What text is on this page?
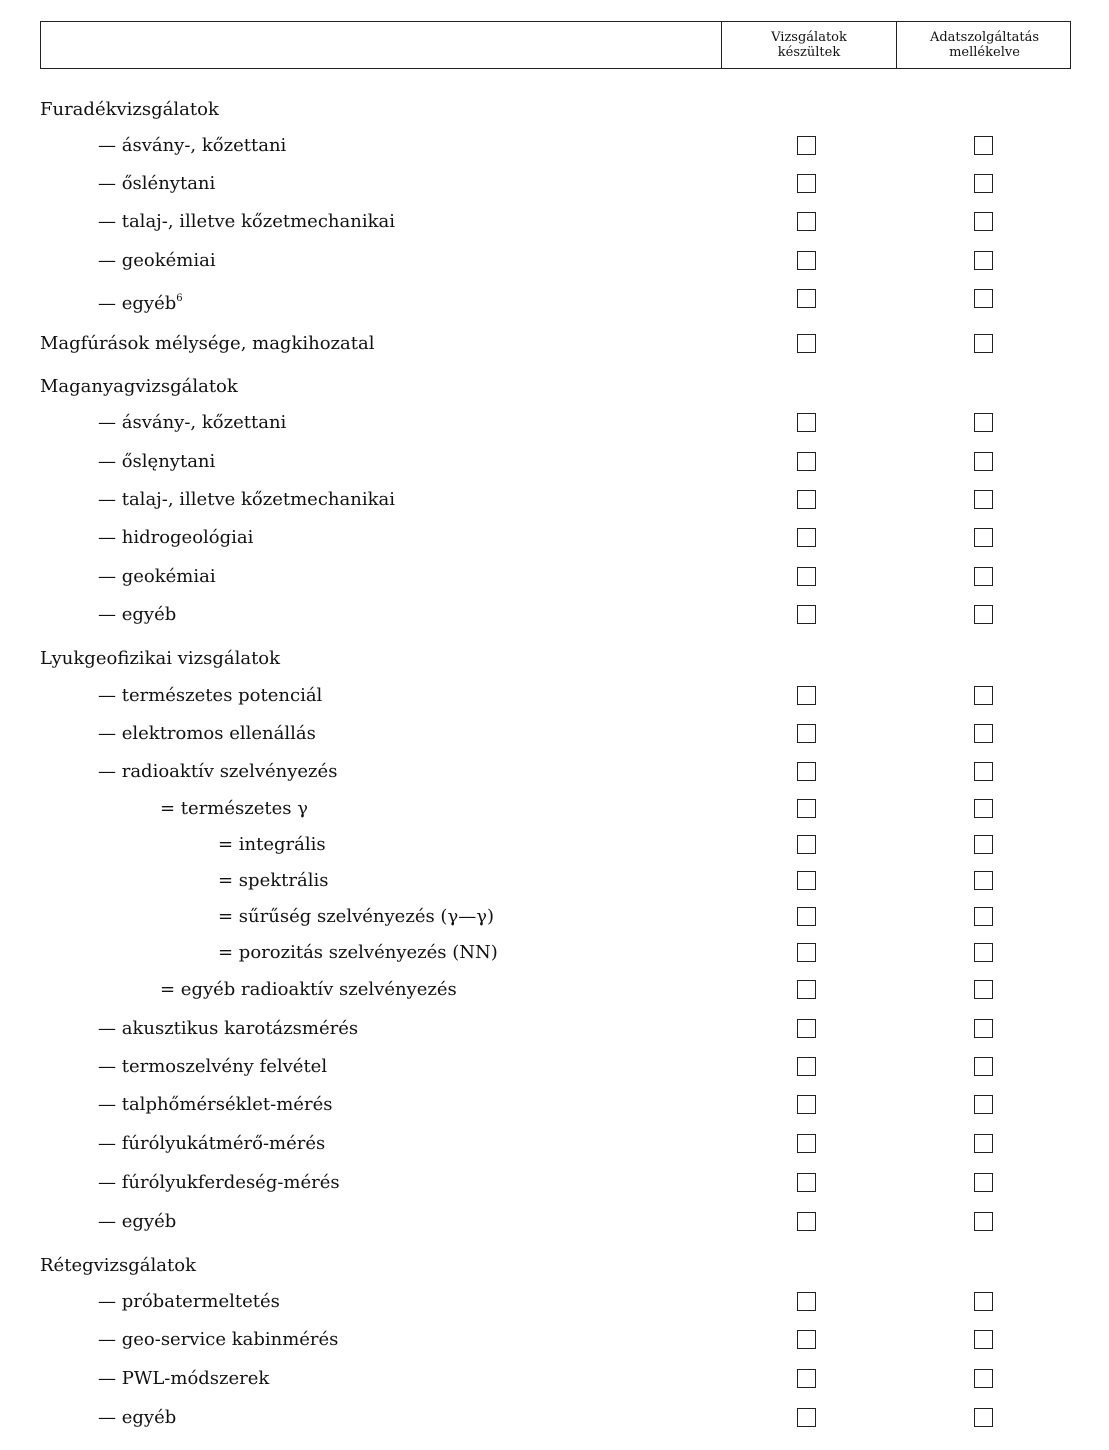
Vizsgálatok
készültek
Adatszolgáltatás
mellékelve
Furadékvizsgálatok
— ásvány-, kőzettani
— őslénytani
— talaj-, illetve kőzetmechanikai
— geokémiai
— egyéb$^6$
Magfúrások mélysége, magkihozatal
Maganyagvizsgálatok
— ásvány-, kőzettani
— őslęnytani
— talaj-, illetve kőzetmechanikai
— hidrogeológiai
— geokémiai
— egyéb
Lyukgeofizikai vizsgálatok
— természetes potenciál
— elektromos ellenállás
— radioaktív szelvényezés
= természetes γ
= integrális
= spektrális
= sűrűség szelvényezés (γ—γ)
= porozitás szelvényezés (NN)
= egyéb radioaktív szelvényezés
— akusztikus karotázsmérés
— termoszelvény felvétel
— talphőmérséklet-mérés
— fúrólyukátmérő-mérés
— fúrólyukferdeség-mérés
— egyéb
Rétegvizsgálatok
— próbatermeltetés
— geo-service kabinmérés
— PWL-módszerek
— egyéb
